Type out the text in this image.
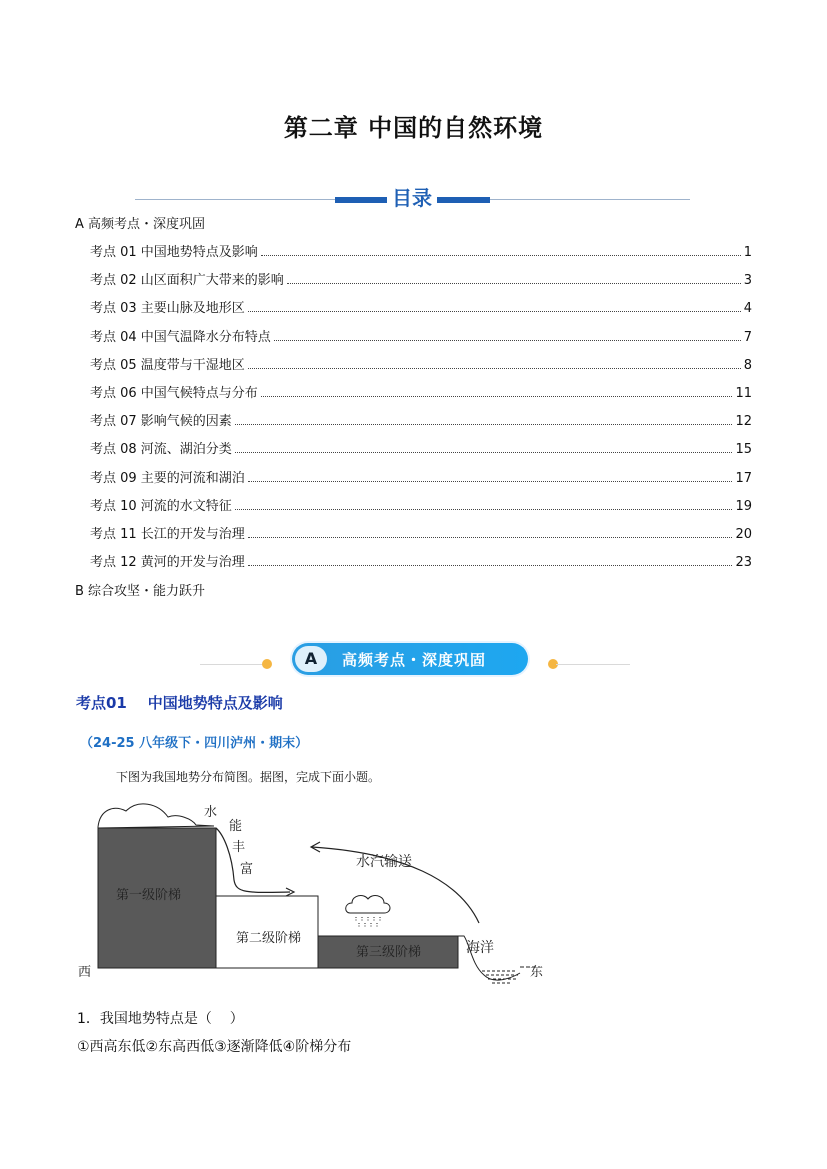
第二章 中国的自然环境
目录
A 高频考点・深度巩固
考点 01 中国地势特点及影响	1
考点 02 山区面积广大带来的影响	3
考点 03 主要山脉及地形区	4
考点 04 中国气温降水分布特点	7
考点 05 温度带与干湿地区	8
考点 06 中国气候特点与分布	11
考点 07 影响气候的因素	12
考点 08 河流、湖泊分类	15
考点 09 主要的河流和湖泊	17
考点 10 河流的水文特征	19
考点 11 长江的开发与治理	20
考点 12 黄河的开发与治理	23
B 综合攻坚・能力跃升
A	高频考点・深度巩固
考点01    中国地势特点及影响
（24-25 八年级下・四川泸州・期末）
下图为我国地势分布简图。据图，完成下面小题。
西	东
第一级阶梯
第二级阶梯
第三级阶梯
水汽输送
海洋
水
能
丰
富
1．我国地势特点是（    ）
①西高东低②东高西低③逐渐降低④阶梯分布
